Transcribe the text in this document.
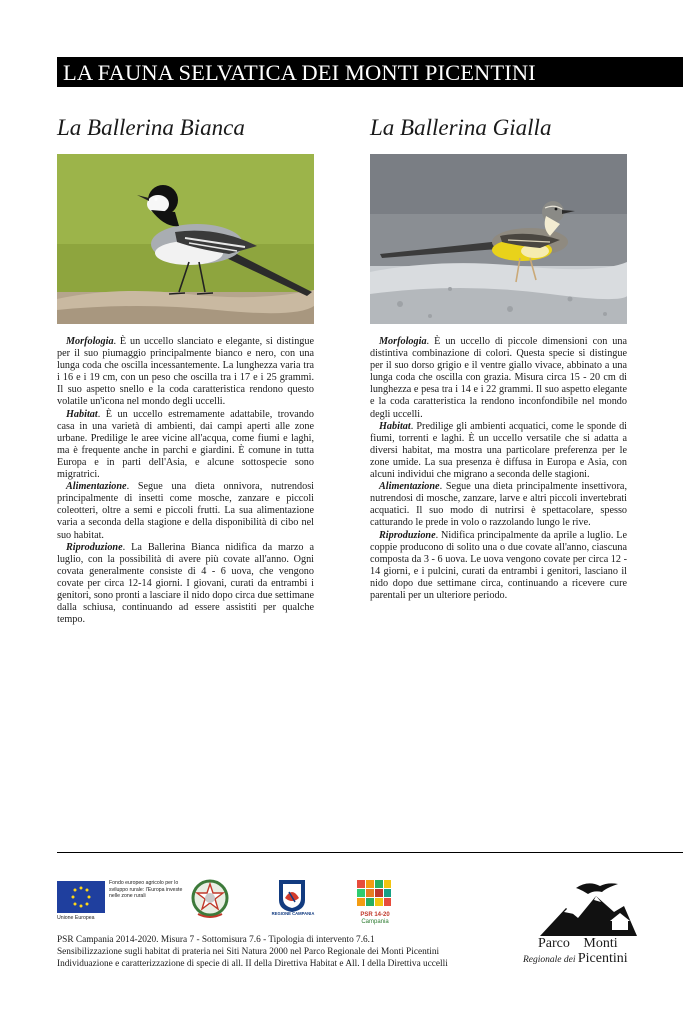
LA FAUNA SELVATICA DEI MONTI PICENTINI
La Ballerina Bianca

Morfologia. È un uccello slanciato e elegante, si distingue per il suo piumaggio principalmente bianco e nero, con una lunga coda che oscilla incessantemente. La lunghezza varia tra i 16 e i 19 cm, con un peso che oscilla tra i 17 e i 25 grammi. Il suo aspetto snello e la coda caratteristica rendono questo volatile un'icona nel mondo degli uccelli.

Habitat. È un uccello estremamente adattabile, trovando casa in una varietà di ambienti, dai campi aperti alle zone urbane. Predilige le aree vicine all'acqua, come fiumi e laghi, ma è frequente anche in parchi e giardini. È comune in tutta Europa e in parti dell'Asia, e alcune sottospecie sono migratrici.

Alimentazione. Segue una dieta onnivora, nutrendosi principalmente di insetti come mosche, zanzare e piccoli coleotteri, oltre a semi e piccoli frutti. La sua alimentazione varia a seconda della stagione e della disponibilità di cibo nel suo habitat.

Riproduzione. La Ballerina Bianca nidifica da marzo a luglio, con la possibilità di avere più covate all'anno. Ogni covata generalmente consiste di 4 - 6 uova, che vengono covate per circa 12-14 giorni. I giovani, curati da entrambi i genitori, sono pronti a lasciare il nido dopo circa due settimane dalla schiusa, continuando ad essere assistiti per qualche tempo.

La Ballerina Gialla

Morfologia. È un uccello di piccole dimensioni con una distintiva combinazione di colori. Questa specie si distingue per il suo dorso grigio e il ventre giallo vivace, abbinato a una lunga coda che oscilla con grazia. Misura circa 15 - 20 cm di lunghezza e pesa tra i 14 e i 22 grammi. Il suo aspetto elegante e la coda caratteristica la rendono inconfondibile nel mondo degli uccelli.

Habitat. Predilige gli ambienti acquatici, come le sponde di fiumi, torrenti e laghi. È un uccello versatile che si adatta a diversi habitat, ma mostra una particolare preferenza per le zone umide. La sua presenza è diffusa in Europa e Asia, con alcuni individui che migrano a seconda delle stagioni.

Alimentazione. Segue una dieta principalmente insettivora, nutrendosi di mosche, zanzare, larve e altri piccoli invertebrati acquatici. Il suo modo di nutrirsi è spettacolare, spesso catturando le prede in volo o razzolando lungo le rive.

Riproduzione. Nidifica principalmente da aprile a luglio. Le coppie producono di solito una o due covate all'anno, ciascuna composta da 3 - 6 uova. Le uova vengono covate per circa 12 - 14 giorni, e i pulcini, curati da entrambi i genitori, lasciano il nido dopo due settimane circa, continuando a ricevere cure parentali per un ulteriore periodo.

Fondo europeo agricolo per lo sviluppo rurale: l'Europa investe nelle zone rurali
Unione Europea
REGIONE CAMPANIA	PSR 14-20
Campania
PSR Campania 2014-2020. Misura 7 - Sottomisura 7.6 - Tipologia di intervento 7.6.1
Sensibilizzazione sugli habitat di prateria nei Siti Natura 2000 nel Parco Regionale dei Monti Picentini
Individuazione e caratterizzazione di specie di all. II della Direttiva Habitat e All. I della Direttiva uccelli
Parco Monti
Regionale dei Picentini
